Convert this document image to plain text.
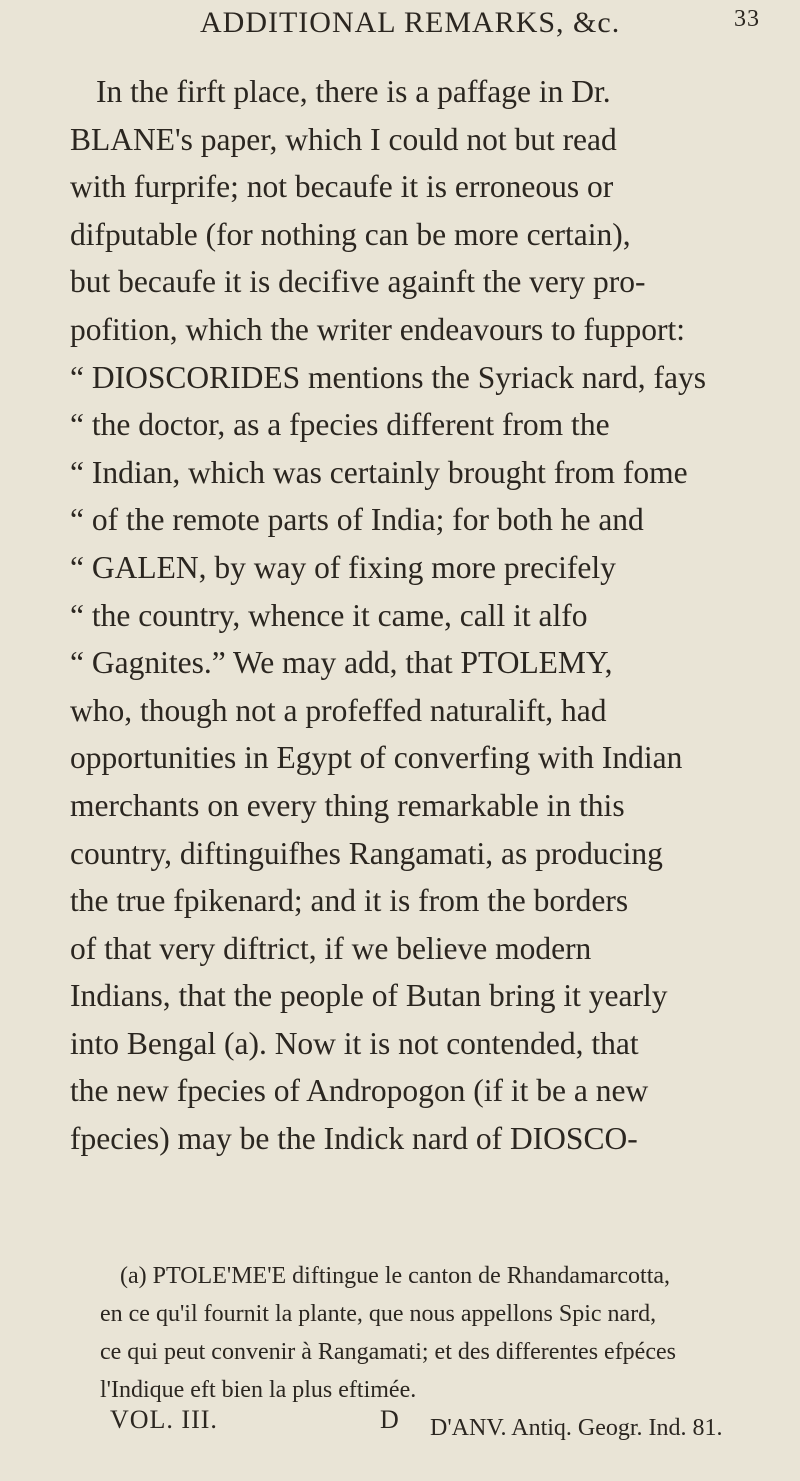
ADDITIONAL REMARKS, &c.	33
In the firft place, there is a paffage in Dr.
BLANE's paper, which I could not but read
with furprife; not becaufe it is erroneous or
difputable (for nothing can be more certain),
but becaufe it is decifive againft the very pro-
pofition, which the writer endeavours to fupport:
“ DIOSCORIDES mentions the Syriack nard, fays
“ the doctor, as a fpecies different from the
“ Indian, which was certainly brought from fome
“ of the remote parts of India; for both he and
“ GALEN, by way of fixing more precifely
“ the country, whence it came, call it alfo
“ Gagnites.” We may add, that PTOLEMY,
who, though not a profeffed naturalift, had
opportunities in Egypt of converfing with Indian
merchants on every thing remarkable in this
country, diftinguifhes Rangamati, as producing
the true fpikenard; and it is from the borders
of that very diftrict, if we believe modern
Indians, that the people of Butan bring it yearly
into Bengal (a). Now it is not contended, that
the new fpecies of Andropogon (if it be a new
fpecies) may be the Indick nard of DIOSCO-
(a) PTOLE'ME'E diftingue le canton de Rhandamarcotta,
en ce qu'il fournit la plante, que nous appellons Spic nard,
ce qui peut convenir à Rangamati; et des differentes efpéces
l'Indique eft bien la plus eftimée.
D'ANV. Antiq. Geogr. Ind. 81.
VOL. III.	D
